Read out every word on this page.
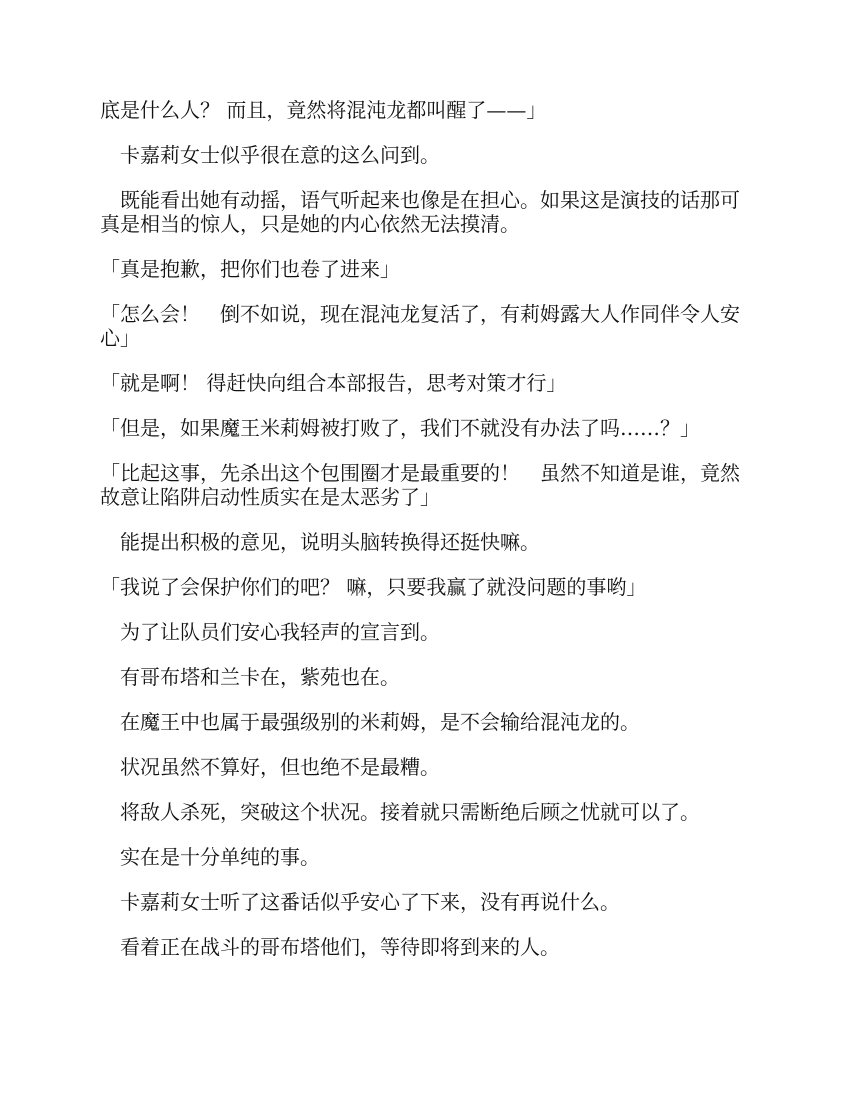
底是什么人？ 而且，竟然将混沌龙都叫醒了——」

　卡嘉莉女士似乎很在意的这么问到。

　既能看出她有动摇，语气听起来也像是在担心。如果这是演技的话那可真是相当的惊人，只是她的内心依然无法摸清。

「真是抱歉，把你们也卷了进来」

「怎么会！　倒不如说，现在混沌龙复活了，有莉姆露大人作同伴令人安心」

「就是啊！ 得赶快向组合本部报告，思考对策才行」

「但是，如果魔王米莉姆被打败了，我们不就没有办法了吗……？」

「比起这事，先杀出这个包围圈才是最重要的！　虽然不知道是谁，竟然故意让陷阱启动性质实在是太恶劣了」

　能提出积极的意见，说明头脑转换得还挺快嘛。

「我说了会保护你们的吧？ 嘛，只要我赢了就没问题的事哟」

　为了让队员们安心我轻声的宣言到。

　有哥布塔和兰卡在，紫苑也在。

　在魔王中也属于最强级别的米莉姆，是不会输给混沌龙的。

　状况虽然不算好，但也绝不是最糟。

　将敌人杀死，突破这个状况。接着就只需断绝后顾之忧就可以了。

　实在是十分单纯的事。

　卡嘉莉女士听了这番话似乎安心了下来，没有再说什么。

　看着正在战斗的哥布塔他们，等待即将到来的人。
